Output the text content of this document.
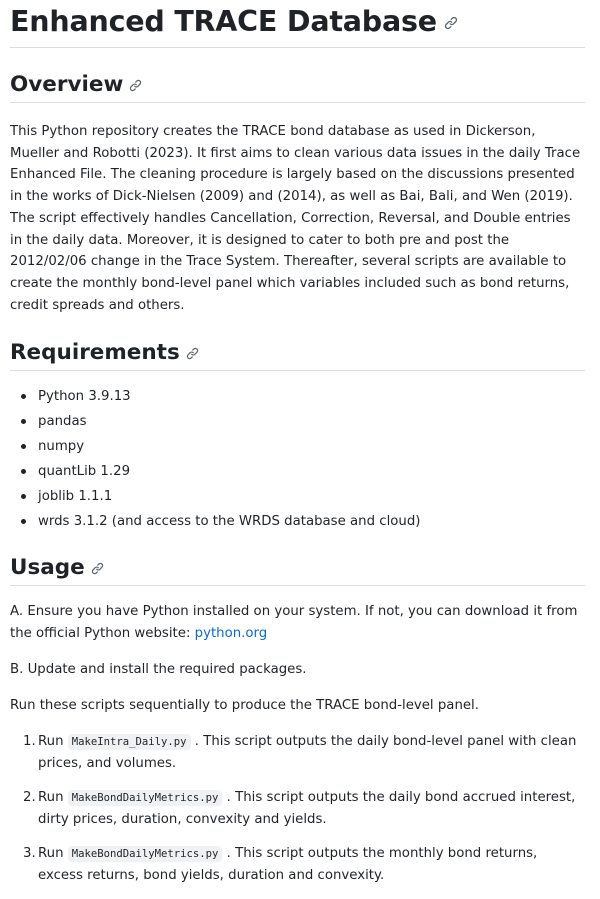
Enhanced TRACE Database
Overview

This Python repository creates the TRACE bond database as used in Dickerson, Mueller and Robotti (2023). It first aims to clean various data issues in the daily Trace Enhanced File. The cleaning procedure is largely based on the discussions presented in the works of Dick-Nielsen (2009) and (2014), as well as Bai, Bali, and Wen (2019). The script effectively handles Cancellation, Correction, Reversal, and Double entries in the daily data. Moreover, it is designed to cater to both pre and post the 2012/02/06 change in the Trace System. Thereafter, several scripts are available to create the monthly bond-level panel which variables included such as bond returns, credit spreads and others.

Requirements
Python 3.9.13
pandas
numpy
quantLib 1.29
joblib 1.1.1
wrds 3.1.2 (and access to the WRDS database and cloud)
Usage

A. Ensure you have Python installed on your system. If not, you can download it from the official Python website: python.org

B. Update and install the required packages.

Run these scripts sequentially to produce the TRACE bond-level panel.

1. Run MakeIntra_Daily.py . This script outputs the daily bond-level panel with clean prices, and volumes.
2. Run MakeBondDailyMetrics.py . This script outputs the daily bond accrued interest, dirty prices, duration, convexity and yields.
3. Run MakeBondDailyMetrics.py . This script outputs the monthly bond returns, excess returns, bond yields, duration and convexity.
